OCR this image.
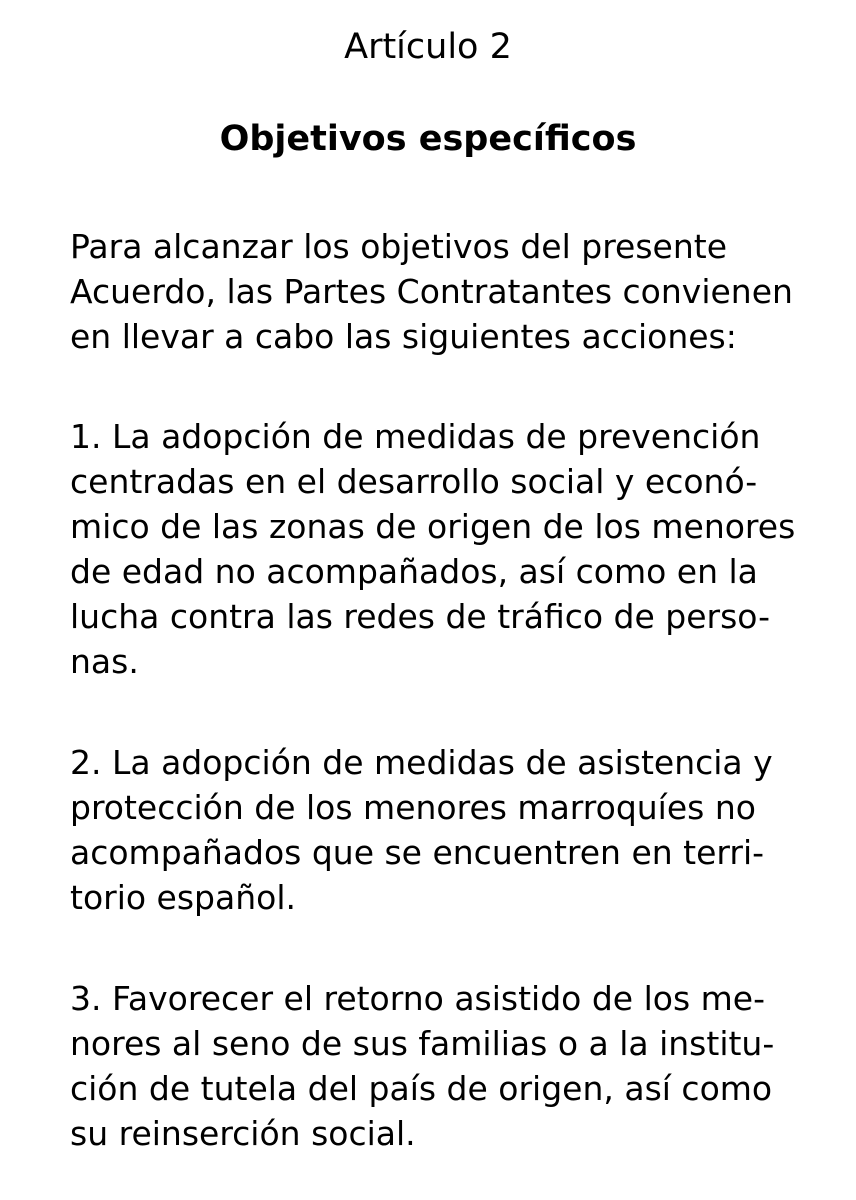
Artículo 2
Objetivos específicos
Para alcanzar los objetivos del presente
Acuerdo, las Partes Contratantes convienen
en llevar a cabo las siguientes acciones:
1. La adopción de medidas de prevención
centradas en el desarrollo social y econó-
mico de las zonas de origen de los menores
de edad no acompañados, así como en la
lucha contra las redes de tráfico de perso-
nas.
2. La adopción de medidas de asistencia y
protección de los menores marroquíes no
acompañados que se encuentren en terri-
torio español.
3. Favorecer el retorno asistido de los me-
nores al seno de sus familias o a la institu-
ción de tutela del país de origen, así como
su reinserción social.
